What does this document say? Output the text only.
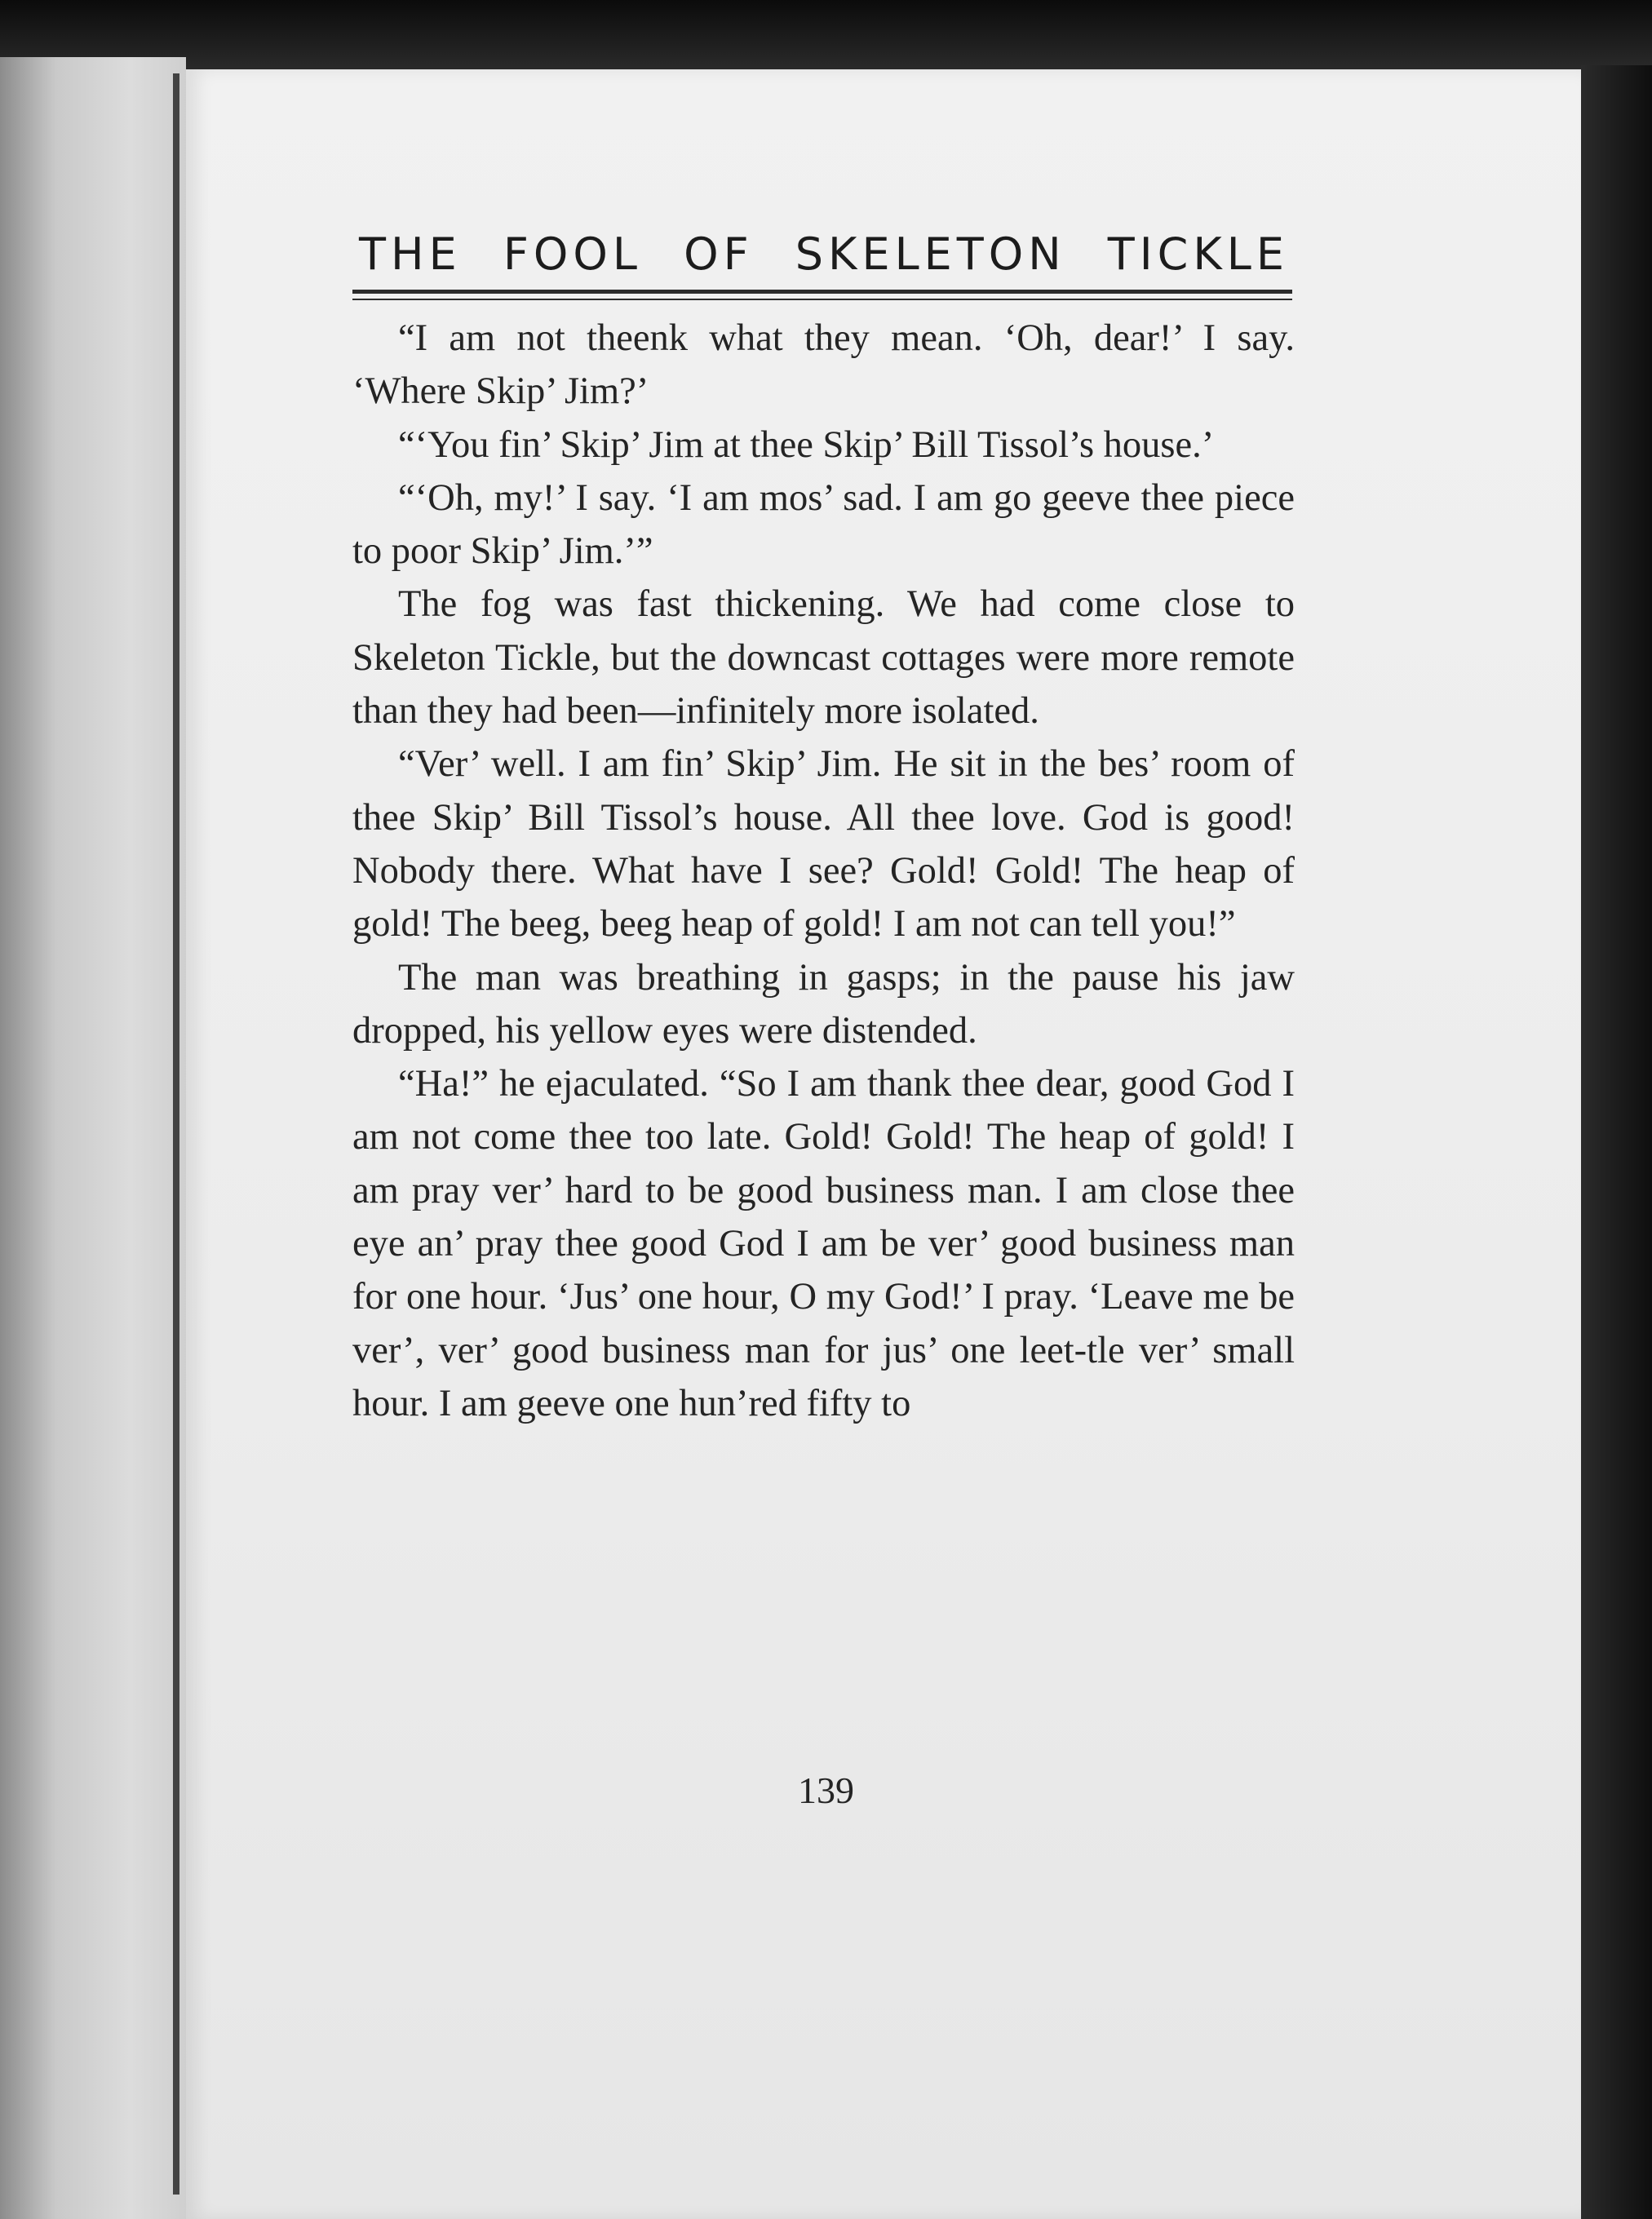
THE FOOL OF SKELETON TICKLE

“I am not theenk what they mean. ‘Oh, dear!’ I say. ‘Where Skip’ Jim?’

“‘You fin’ Skip’ Jim at thee Skip’ Bill Tissol’s house.’

“‘Oh, my!’ I say. ‘I am mos’ sad. I am go geeve thee piece to poor Skip’ Jim.’”

The fog was fast thickening. We had come close to Skeleton Tickle, but the downcast cottages were more remote than they had been—infinitely more isolated.

“Ver’ well. I am fin’ Skip’ Jim. He sit in the bes’ room of thee Skip’ Bill Tissol’s house. All thee love. God is good! Nobody there. What have I see? Gold! Gold! The heap of gold! The beeg, beeg heap of gold! I am not can tell you!”

The man was breathing in gasps; in the pause his jaw dropped, his yellow eyes were distended.

“Ha!” he ejaculated. “So I am thank thee dear, good God I am not come thee too late. Gold! Gold! The heap of gold! I am pray ver’ hard to be good business man. I am close thee eye an’ pray thee good God I am be ver’ good business man for one hour. ‘Jus’ one hour, O my God!’ I pray. ‘Leave me be ver’, ver’ good business man for jus’ one leet-tle ver’ small hour. I am geeve one hun’red fifty to

139
